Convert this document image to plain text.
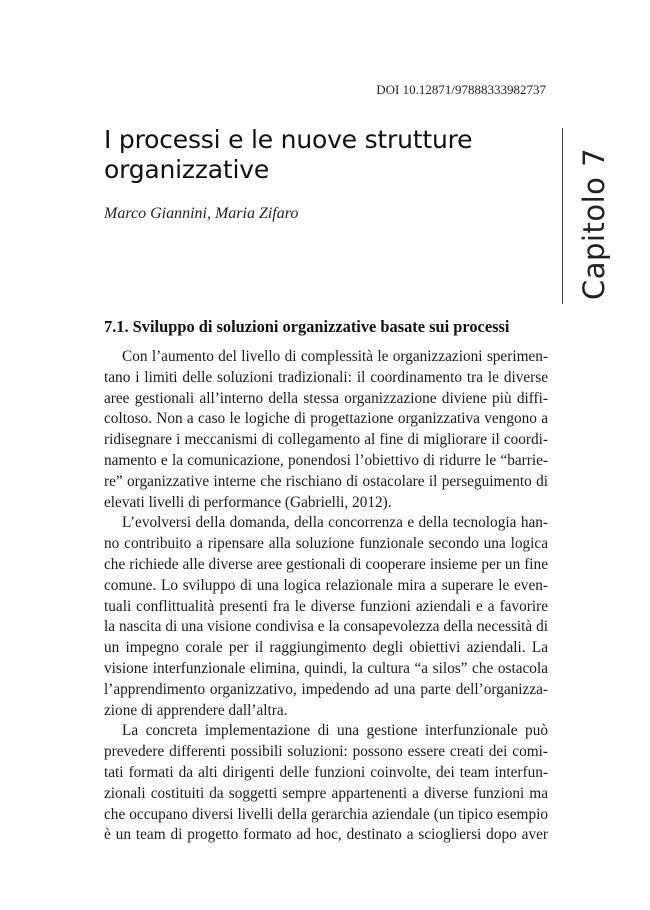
DOI 10.12871/97888333982737
I processi e le nuove strutture
organizzative
Marco Giannini, Maria Zifaro	Capitolo 7
7.1. Sviluppo di soluzioni organizzative basate sui processi

Con l’aumento del livello di complessità le organizzazioni sperimen-
tano i limiti delle soluzioni tradizionali: il coordinamento tra le diverse
aree gestionali all’interno della stessa organizzazione diviene più diffi-
coltoso. Non a caso le logiche di progettazione organizzativa vengono a
ridisegnare i meccanismi di collegamento al fine di migliorare il coordi-
namento e la comunicazione, ponendosi l’obiettivo di ridurre le “barrie-
re” organizzative interne che rischiano di ostacolare il perseguimento di
elevati livelli di performance (Gabrielli, 2012).

L’evolversi della domanda, della concorrenza e della tecnologia han-
no contribuito a ripensare alla soluzione funzionale secondo una logica
che richiede alle diverse aree gestionali di cooperare insieme per un fine
comune. Lo sviluppo di una logica relazionale mira a superare le even-
tuali conflittualità presenti fra le diverse funzioni aziendali e a favorire
la nascita di una visione condivisa e la consapevolezza della necessità di
un impegno corale per il raggiungimento degli obiettivi aziendali. La
visione interfunzionale elimina, quindi, la cultura “a silos” che ostacola
l’apprendimento organizzativo, impedendo ad una parte dell’organizza-
zione di apprendere dall’altra.

La concreta implementazione di una gestione interfunzionale può
prevedere differenti possibili soluzioni: possono essere creati dei comi-
tati formati da alti dirigenti delle funzioni coinvolte, dei team interfun-
zionali costituiti da soggetti sempre appartenenti a diverse funzioni ma
che occupano diversi livelli della gerarchia aziendale (un tipico esempio
è un team di progetto formato ad hoc, destinato a sciogliersi dopo aver
